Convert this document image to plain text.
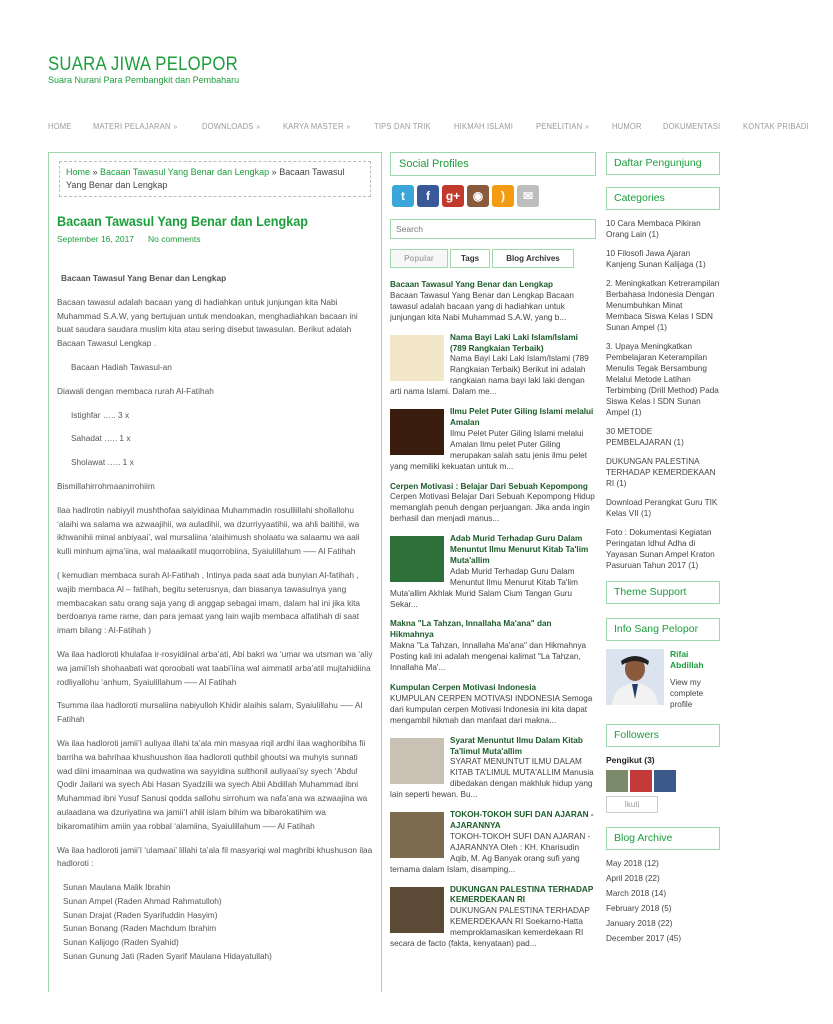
SUARA JIWA PELOPOR
Suara Nurani Para Pembangkit dan Pembaharu
HOME	MATERI PELAJARAN »	DOWNLOADS »	KARYA MASTER »	TIPS DAN TRIK	HIKMAH ISLAMI	PENELITIAN »	HUMOR	DOKUMENTASI	KONTAK PRIBADI
Home » Bacaan Tawasul Yang Benar dan Lengkap » Bacaan Tawasul Yang Benar dan Lengkap
Bacaan Tawasul Yang Benar dan Lengkap
September 16, 2017 No comments

Bacaan Tawasul Yang Benar dan Lengkap

Bacaan tawasul adalah bacaan yang di hadiahkan untuk junjungan kita Nabi Muhammad S.A.W, yang bertujuan untuk mendoakan, menghadiahkan bacaan ini buat saudara saudara muslim kita atau sering disebut tawasulan. Berikut adalah Bacaan Tawasul Lengkap .

Bacaan Hadiah Tawasul-an

Diawali dengan membaca rurah Al-Fatihah

Istighfar ….. 3 x

Sahadat ….. 1 x

Sholawat ….. 1 x

Bismillahirrohmaanirrohiim

Ilaa hadlrotin nabiyyil mushthofaa saiyidinaa Muhammadin rosulliillahi shollallohu ‘alaihi wa salama wa azwaajihii, wa auladihii, wa dzurriyyaatihii, wa ahli baitihii, wa ikhwanihii minal anbiyaai’, wal mursaliina ‘alaihimush sholaatu wa salaamu wa aali kulli minhum ajma’iina, wal malaaikatil muqorrobiina, Syaiulillahum —– Al Fatihah

( kemudian membaca surah Al-Fatihah , Intinya pada saat ada bunyian Al-fatihah , wajib membaca Al – fatihah, begitu seterusnya, dan biasanya tawasulnya yang membacakan satu orang saja yang di anggap sebagai imam, dalam hal ini jika kita berdoanya rame rame, dan para jemaat yang lain wajib membaca alfatihah di saat imam bilang : Al-Fatihah )

Wa ilaa hadloroti khulafaa ir-rosyidiinal arba’ati, Abi bakri wa ‘umar wa utsman wa ‘aliy wa jamii’ish shohaabati wat qoroobati wat taabi’iina wal aimmatil arba’atil mujtahidiina rodliyallohu ‘anhum, Syaiulillahum —– Al Fatihah

Tsumma ilaa hadloroti mursaliina nabiyulloh Khidir alaihis salam, Syaiulillahu —– Al Fatihah

Wa ilaa hadloroti jamii’I auliyaa illahi ta’ala min masyaa riqil ardhi ilaa waghoribiha fii barriha wa bahrihaa khushuushon ilaa hadloroti quthbil ghoutsi wa muhyis sunnati wad diini imaaminaa wa qudwatina wa sayyidina sulthonil auliyaai’sy syech ‘Abdul Qodir Jailani wa syech Abi Hasan Syadzilii wa syech Abii Abdillah Muhammad ibni Muhammad ibni Yusuf Sanusi qodda sallohu sirrohum wa nafa’ana wa azwaajina wa aulaadana wa dzuriyatina wa jamii’I ahlil islam bihim wa bibarokatihim wa bikaromatihim amiin yaa robbal ‘alamiina, Syaiulillahum —– Al Fatihah

Wa ilaa hadloroti jamii’I ‘ulamaai’ lillahi ta’ala fil masyariqi wal maghribi khushuson ilaa hadloroti :

Sunan Maulana Malik Ibrahin
Sunan Ampel (Raden Ahmad Rahmatulloh)
Sunan Drajat (Raden Syarifuddin Hasyim)
Sunan Bonang (Raden Machdum Ibrahim
Sunan Kalijogo (Raden Syahid)
Sunan Gunung Jati (Raden Syarif Maulana Hidayatullah)
Social Profiles
t	f	g+	◉	)	✉
Search
Popular	Tags	Blog Archives
Bacaan Tawasul Yang Benar dan Lengkap
Bacaan Tawasul Yang Benar dan Lengkap Bacaan tawasul adalah bacaan yang di hadiahkan untuk junjungan kita Nabi Muhammad S.A.W, yang b...
Nama Bayi Laki Laki Islam/Islami (789 Rangkaian Terbaik)
Nama Bayi Laki Laki Islam/Islami (789 Rangkaian Terbaik) Berikut ini adalah rangkaian nama bayi laki laki dengan arti nama Islami. Dalam me...
Ilmu Pelet Puter Giling Islami melalui Amalan
Ilmu Pelet Puter Giling Islami melalui Amalan Ilmu pelet Puter Giling merupakan salah satu jenis ilmu pelet yang memiliki kekuatan untuk m...
Cerpen Motivasi : Belajar Dari Sebuah Kepompong
Cerpen Motivasi Belajar Dari Sebuah Kepompong Hidup memanglah penuh dengan perjuangan. Jika anda ingin berhasil dan menjadi manus...
Adab Murid Terhadap Guru Dalam Menuntut Ilmu Menurut Kitab Ta'lim Muta'allim
Adab Murid Terhadap Guru Dalam Menuntut Ilmu Menurut Kitab Ta'lim Muta'allim Akhlak Murid Salam Cium Tangan Guru Sekar...
Makna "La Tahzan, Innallaha Ma'ana" dan Hikmahnya
Makna "La Tahzan, Innallaha Ma'ana" dan Hikmahnya Posting kali ini adalah mengenai kalimat "La Tahzan, Innallaha Ma'...
Kumpulan Cerpen Motivasi Indonesia
KUMPULAN CERPEN MOTIVASI INDONESIA Semoga dari kumpulan cerpen Motivasi Indonesia ini kita dapat mengambil hikmah dan manfaat dari makna...
Syarat Menuntut Ilmu Dalam Kitab Ta'limul Muta'allim
SYARAT MENUNTUT ILMU DALAM KITAB TA'LIMUL MUTA'ALLIM Manusia dibedakan dengan makhluk hidup yang lain seperti hewan. Bu...
TOKOH-TOKOH SUFI DAN AJARAN - AJARANNYA
TOKOH-TOKOH SUFI DAN AJARAN - AJARANNYA Oleh : KH. Kharisudin Aqib, M. Ag Banyak orang sufi yang ternama dalam Islam, disamping...
DUKUNGAN PALESTINA TERHADAP KEMERDEKAAN RI
DUKUNGAN PALESTINA TERHADAP KEMERDEKAAN RI Soekarno-Hatta memproklamasikan kemerdekaan RI secara de facto (fakta, kenyataan) pad...
Daftar Pengunjung
Categories

10 Cara Membaca Pikiran Orang Lain (1)

10 Filosofi Jawa Ajaran Kanjeng Sunan Kalijaga (1)

2. Meningkatkan Ketrerampilan Berbahasa Indonesia Dengan Menumbuhkan Minat Membaca Siswa Kelas I SDN Sunan Ampel (1)

3. Upaya Meningkatkan Pembelajaran Keterampilan Menulis Tegak Bersambung Melalui Metode Latihan Terbimbing (Drill Method) Pada Siswa Kelas I SDN Sunan Ampel (1)

30 METODE PEMBELAJARAN (1)

DUKUNGAN PALESTINA TERHADAP KEMERDEKAAN RI (1)

Download Perangkat Guru TIK Kelas VII (1)

Foto : Dokumentasi Kegiatan Peringatan Idhul Adha di Yayasan Sunan Ampel Kraton Pasuruan Tahun 2017 (1)

Theme Support
Info Sang Pelopor
Rifai Abdillah
View my complete profile
Followers
Pengikut (3)
Ikuti
Blog Archive

May 2018 (12)

April 2018 (22)

March 2018 (14)

February 2018 (5)

January 2018 (22)

December 2017 (45)
